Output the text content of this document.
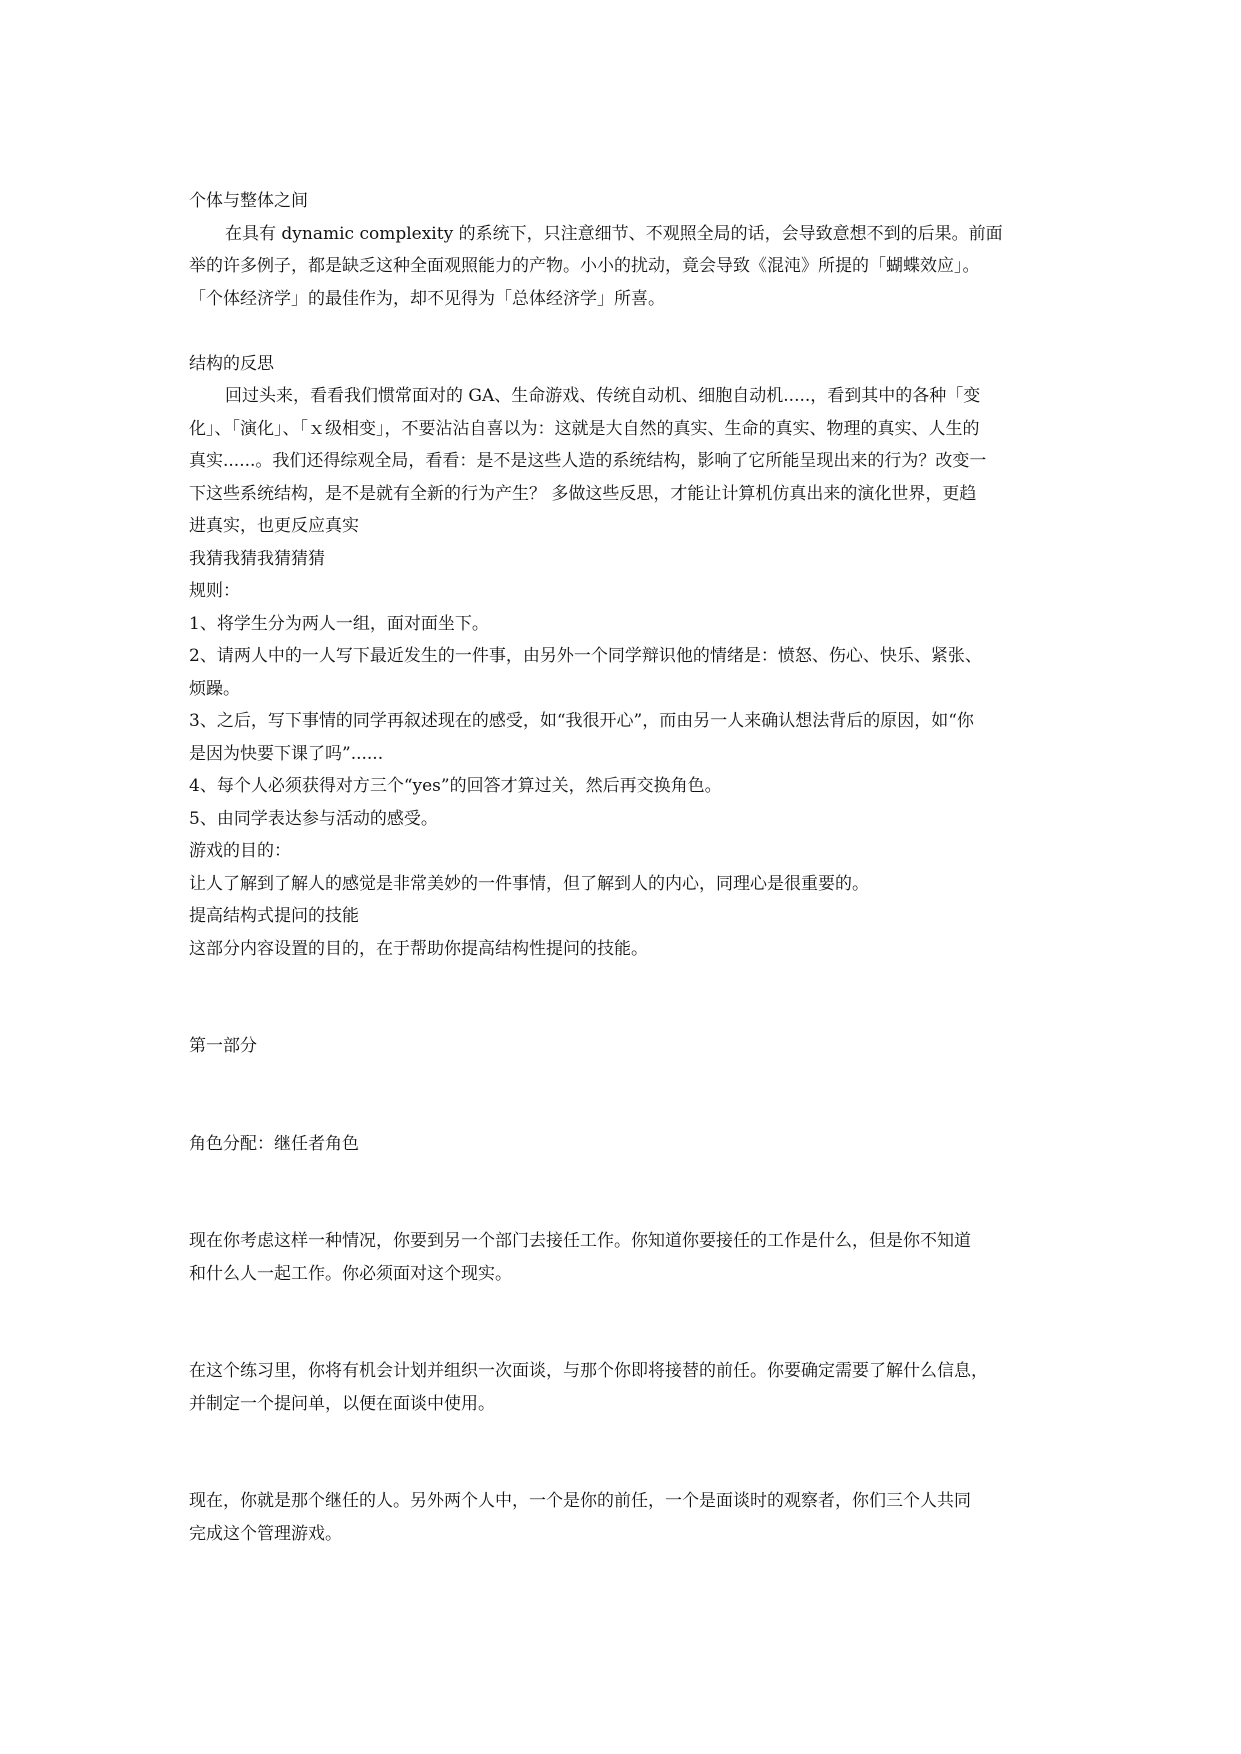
个体与整体之间
在具有 dynamic complexity 的系统下，只注意细节、不观照全局的话，会导致意想不到的后果。前面
举的许多例子，都是缺乏这种全面观照能力的产物。小小的扰动，竟会导致《混沌》所提的「蝴蝶效应」。
「个体经济学」的最佳作为，却不见得为「总体经济学」所喜。
结构的反思
回过头来，看看我们惯常面对的 GA、生命游戏、传统自动机、细胞自动机.....，看到其中的各种「变
化」、「演化」、「ｘ级相变」，不要沾沾自喜以为：这就是大自然的真实、生命的真实、物理的真实、人生的
真实......。我们还得综观全局，看看：是不是这些人造的系统结构，影响了它所能呈现出来的行为？改变一
下这些系统结构，是不是就有全新的行为产生？ 多做这些反思，才能让计算机仿真出来的演化世界，更趋
进真实，也更反应真实
我猜我猜我猜猜猜
规则：
1、将学生分为两人一组，面对面坐下。
2、请两人中的一人写下最近发生的一件事，由另外一个同学辩识他的情绪是：愤怒、伤心、快乐、紧张、
烦躁。
3、之后，写下事情的同学再叙述现在的感受，如“我很开心”，而由另一人来确认想法背后的原因，如“你
是因为快要下课了吗”......
4、每个人必须获得对方三个“yes”的回答才算过关，然后再交换角色。
5、由同学表达参与活动的感受。
游戏的目的：
让人了解到了解人的感觉是非常美妙的一件事情，但了解到人的内心，同理心是很重要的。
提高结构式提问的技能
这部分内容设置的目的，在于帮助你提高结构性提问的技能。
第一部分
角色分配：继任者角色
现在你考虑这样一种情况，你要到另一个部门去接任工作。你知道你要接任的工作是什么，但是你不知道
和什么人一起工作。你必须面对这个现实。
在这个练习里，你将有机会计划并组织一次面谈，与那个你即将接替的前任。你要确定需要了解什么信息，
并制定一个提问单，以便在面谈中使用。
现在，你就是那个继任的人。另外两个人中，一个是你的前任，一个是面谈时的观察者，你们三个人共同
完成这个管理游戏。
